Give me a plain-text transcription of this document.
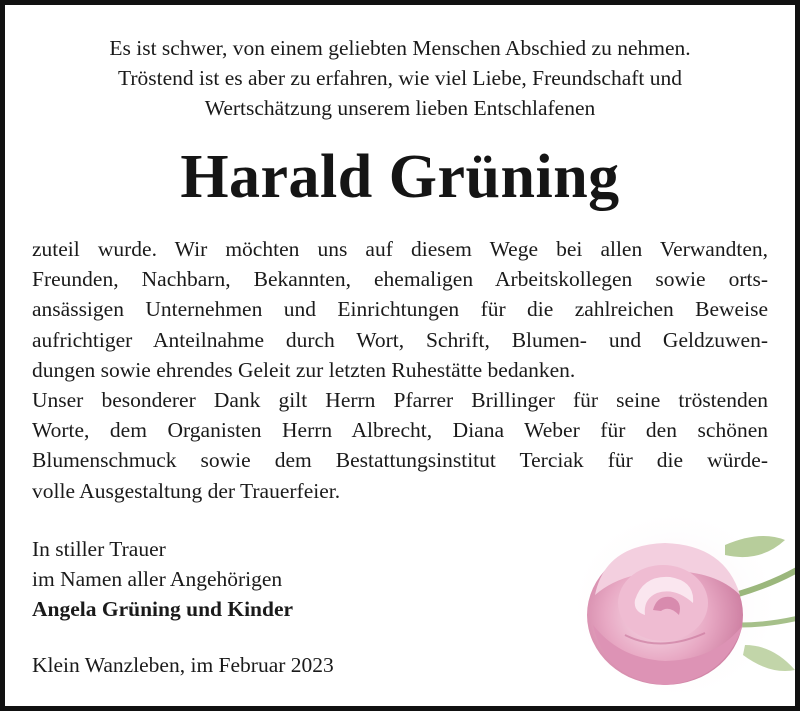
Es ist schwer, von einem geliebten Menschen Abschied zu nehmen.
Tröstend ist es aber zu erfahren, wie viel Liebe, Freundschaft und
Wertschätzung unserem lieben Entschlafenen
Harald Grüning
zuteil wurde. Wir möchten uns auf diesem Wege bei allen Verwandten,
Freunden, Nachbarn, Bekannten, ehemaligen Arbeitskollegen sowie orts-
ansässigen Unternehmen und Einrichtungen für die zahlreichen Beweise
aufrichtiger Anteilnahme durch Wort, Schrift, Blumen- und Geldzuwen-
dungen sowie ehrendes Geleit zur letzten Ruhestätte bedanken.
Unser besonderer Dank gilt Herrn Pfarrer Brillinger für seine tröstenden
Worte, dem Organisten Herrn Albrecht, Diana Weber für den schönen
Blumenschmuck sowie dem Bestattungsinstitut Terciak für die würde-
volle Ausgestaltung der Trauerfeier.
In stiller Trauer
im Namen aller Angehörigen
Angela Grüning und Kinder
Klein Wanzleben, im Februar 2023
